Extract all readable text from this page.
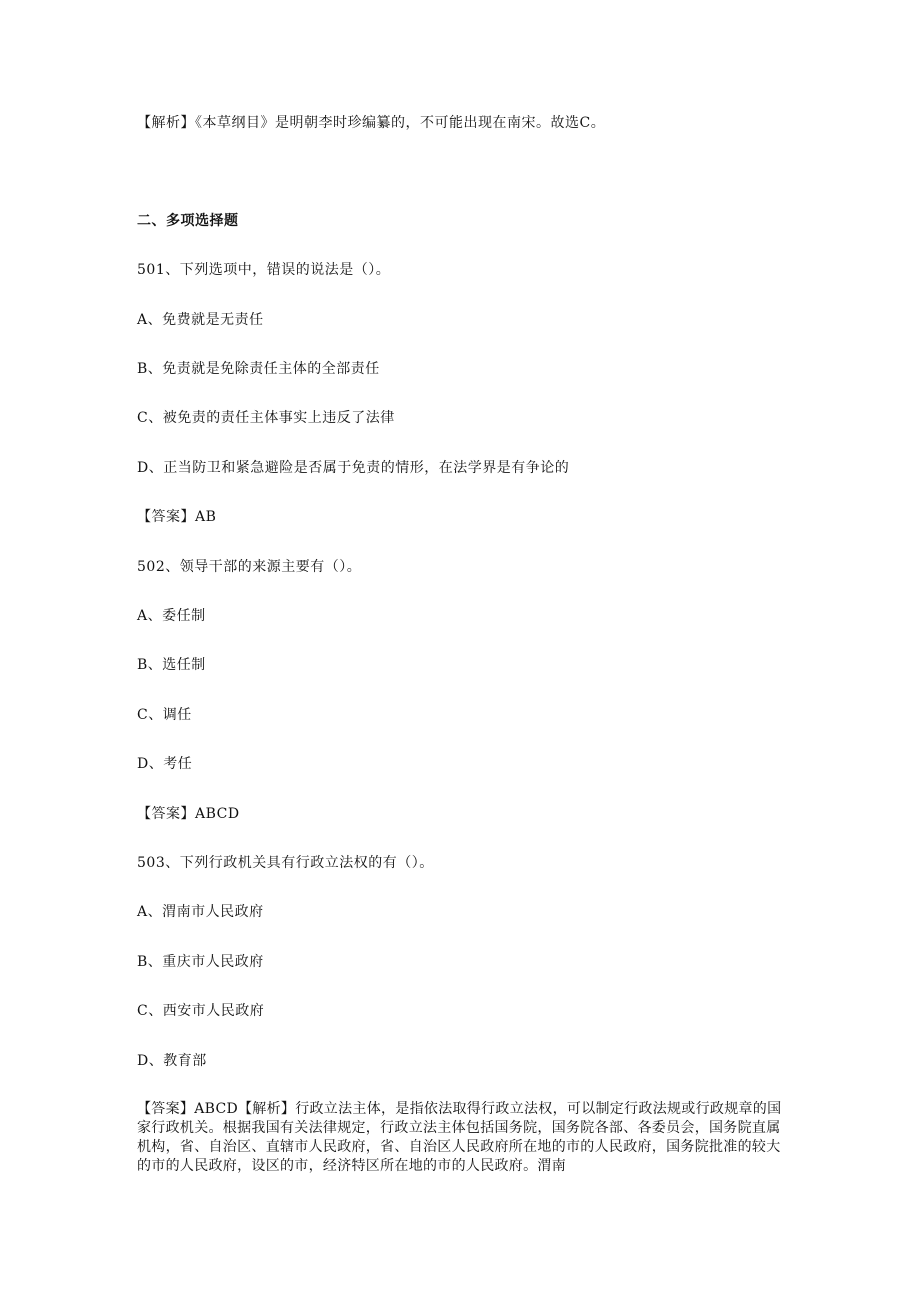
【解析】《本草纲目》是明朝李时珍编纂的，不可能出现在南宋。故选C。
二、多项选择题
501、下列选项中，错误的说法是（）。
A、免费就是无责任
B、免责就是免除责任主体的全部责任
C、被免责的责任主体事实上违反了法律
D、正当防卫和紧急避险是否属于免责的情形，在法学界是有争论的
【答案】AB
502、领导干部的来源主要有（）。
A、委任制
B、选任制
C、调任
D、考任
【答案】ABCD
503、下列行政机关具有行政立法权的有（）。
A、渭南市人民政府
B、重庆市人民政府
C、西安市人民政府
D、教育部
【答案】ABCD【解析】行政立法主体，是指依法取得行政立法权，可以制定行政法规或行政规章的国家行政机关。根据我国有关法律规定，行政立法主体包括国务院，国务院各部、各委员会，国务院直属机构，省、自治区、直辖市人民政府，省、自治区人民政府所在地的市的人民政府，国务院批准的较大的市的人民政府，设区的市，经济特区所在地的市的人民政府。渭南
